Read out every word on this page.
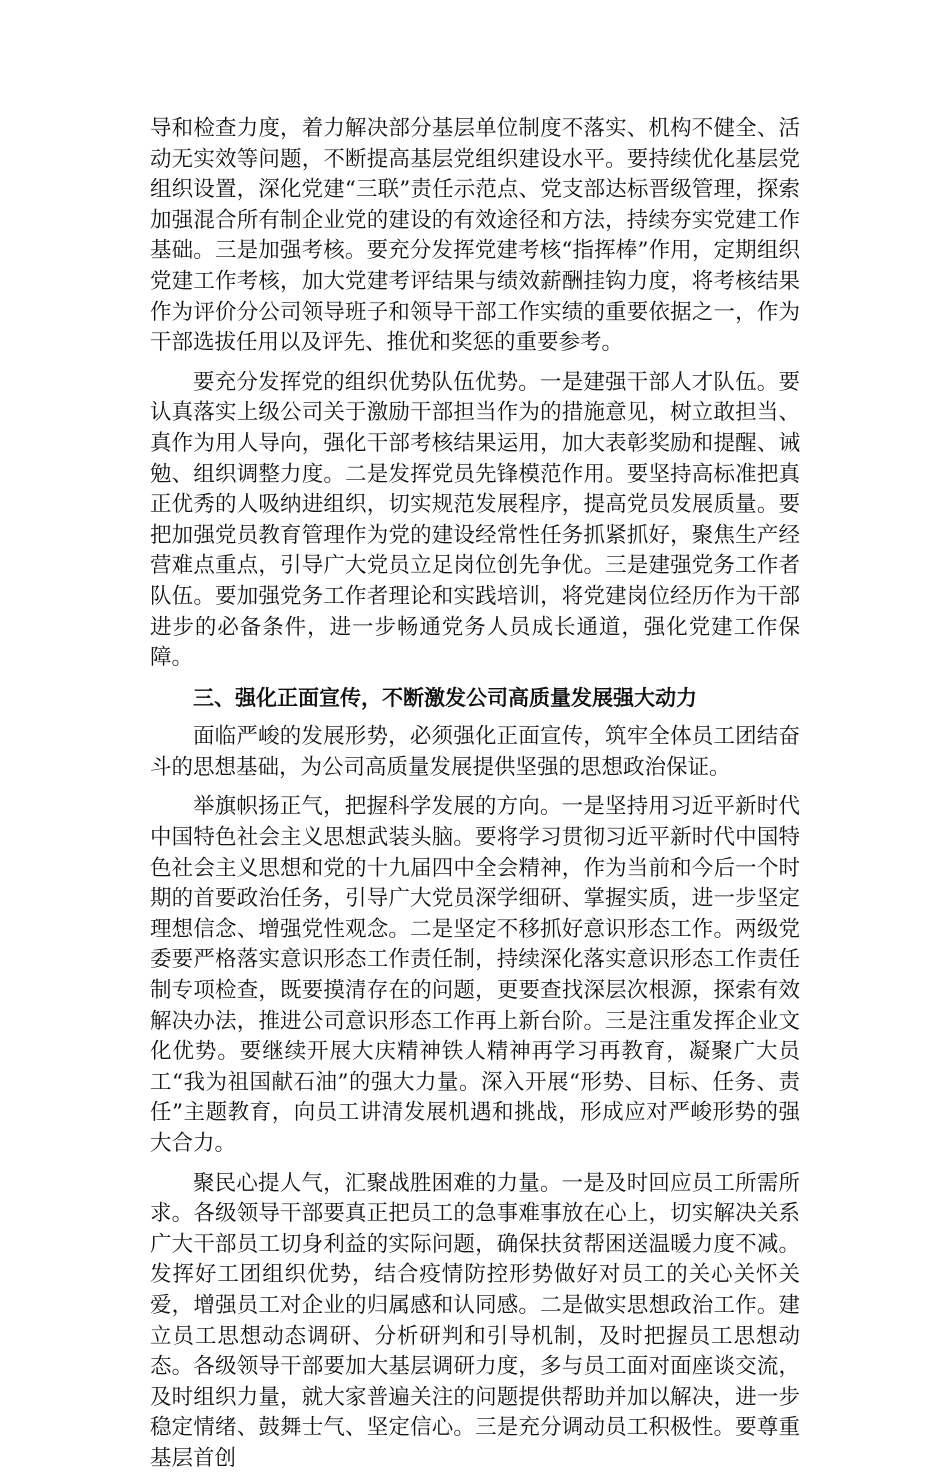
导和检查力度，着力解决部分基层单位制度不落实、机构不健全、活动无实效等问题，不断提高基层党组织建设水平。要持续优化基层党组织设置，深化党建“三联”责任示范点、党支部达标晋级管理，探索加强混合所有制企业党的建设的有效途径和方法，持续夯实党建工作基础。三是加强考核。要充分发挥党建考核“指挥棒”作用，定期组织党建工作考核，加大党建考评结果与绩效薪酬挂钩力度，将考核结果作为评价分公司领导班子和领导干部工作实绩的重要依据之一，作为干部选拔任用以及评先、推优和奖惩的重要参考。

要充分发挥党的组织优势队伍优势。一是建强干部人才队伍。要认真落实上级公司关于激励干部担当作为的措施意见，树立敢担当、真作为用人导向，强化干部考核结果运用，加大表彰奖励和提醒、诫勉、组织调整力度。二是发挥党员先锋模范作用。要坚持高标准把真正优秀的人吸纳进组织，切实规范发展程序，提高党员发展质量。要把加强党员教育管理作为党的建设经常性任务抓紧抓好，聚焦生产经营难点重点，引导广大党员立足岗位创先争优。三是建强党务工作者队伍。要加强党务工作者理论和实践培训，将党建岗位经历作为干部进步的必备条件，进一步畅通党务人员成长通道，强化党建工作保障。

三、强化正面宣传，不断激发公司高质量发展强大动力

面临严峻的发展形势，必须强化正面宣传，筑牢全体员工团结奋斗的思想基础，为公司高质量发展提供坚强的思想政治保证。

举旗帜扬正气，把握科学发展的方向。一是坚持用习近平新时代中国特色社会主义思想武装头脑。要将学习贯彻习近平新时代中国特色社会主义思想和党的十九届四中全会精神，作为当前和今后一个时期的首要政治任务，引导广大党员深学细研、掌握实质，进一步坚定理想信念、增强党性观念。二是坚定不移抓好意识形态工作。两级党委要严格落实意识形态工作责任制，持续深化落实意识形态工作责任制专项检查，既要摸清存在的问题，更要查找深层次根源，探索有效解决办法，推进公司意识形态工作再上新台阶。三是注重发挥企业文化优势。要继续开展大庆精神铁人精神再学习再教育，凝聚广大员工“我为祖国献石油”的强大力量。深入开展“形势、目标、任务、责任”主题教育，向员工讲清发展机遇和挑战，形成应对严峻形势的强大合力。

聚民心提人气，汇聚战胜困难的力量。一是及时回应员工所需所求。各级领导干部要真正把员工的急事难事放在心上，切实解决关系广大干部员工切身利益的实际问题，确保扶贫帮困送温暖力度不减。发挥好工团组织优势，结合疫情防控形势做好对员工的关心关怀关爱，增强员工对企业的归属感和认同感。二是做实思想政治工作。建立员工思想动态调研、分析研判和引导机制，及时把握员工思想动态。各级领导干部要加大基层调研力度，多与员工面对面座谈交流，及时组织力量，就大家普遍关注的问题提供帮助并加以解决，进一步稳定情绪、鼓舞士气、坚定信心。三是充分调动员工积极性。要尊重基层首创
